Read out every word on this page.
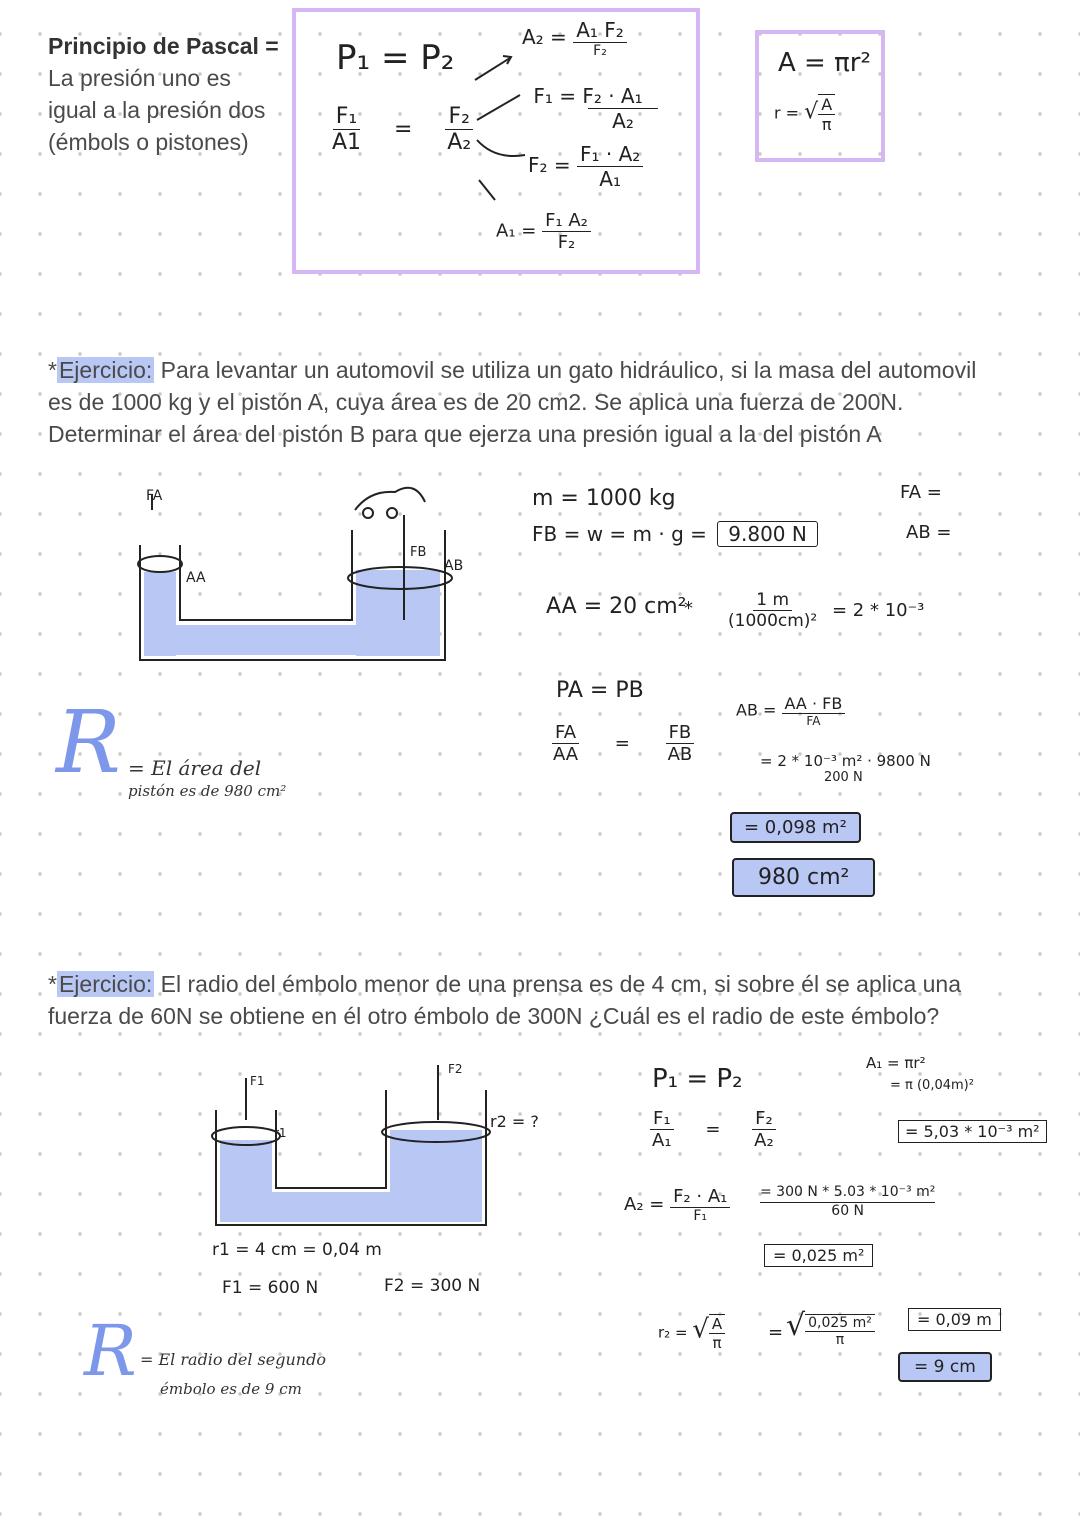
Principio de Pascal =
La presión uno es
igual a la presión dos
(émbols o pistones)
P₁ = P₂
$\frac{\text{F₁}}{A1} = \frac{\text{F₂}}{\text{A₂}}$
$A_2 = \frac{\text{A₁ F₂}}{\text{F₂}}$
F₁ = F₂ · A₁
A₂
$F_2 = \frac{\text{F₁ · A₂}}{\text{A₁}}$
$A_1 = \frac{\text{F₁ A₂}}{\text{F₂}}$
A = πr²
r = √ $\frac{A}{\pi}$
*Ejercicio: Para levantar un automovil se utiliza un gato hidráulico, si la masa del automovil
es de 1000 kg y el pistón A, cuya área es de 20 cm2. Se aplica una fuerza de 200N.
Determinar el área del pistón B para que ejerza una presión igual a la del pistón A
FA
AA
FB
AB
m = 1000 kg
FB = w = m · g = 9.800 N
FA =
AB =
AA = 20 cm²
* $\frac{1 m}{\text{(1000cm)²}} = 2 * 10^{-3}$
PA = PB
$\frac{FA}{AA} = \frac{FB}{AB}$
AB = $\frac{AA \cdot FB}{FA}$
= 2 * 10⁻³ m² · 9800 N
200 N
= 0,098 m²
980 cm²
R = El área del
pistón es de 980 cm²
*Ejercicio: El radio del émbolo menor de una prensa es de 4 cm, si sobre él se aplica una
fuerza de 60N se obtiene en él otro émbolo de 300N ¿Cuál es el radio de este émbolo?
F1
r1
F2
r2 = ?
r1 = 4 cm = 0,04 m
F1 = 600 N	F2 = 300 N
P₁ = P₂
$\frac{\text{F₁}}{\text{A₁}} = \frac{\text{F₂}}{\text{A₂}}$
A₁ = πr²
= π (0,04m)²
= 5,03 * 10⁻³ m²
$A_2 = \frac{\text{F₂ · A₁}}{\text{F₁}} = 300$ N * 5.03 * 10⁻³ m²
60 N
= 0,025 m²
r₂ = √ $\frac{A}{\pi}$ = √ $\frac{\text{0,025 m²}}{\pi}$	= 0,09 m
= 9 cm
R = El radio del segundo
émbolo es de 9 cm
